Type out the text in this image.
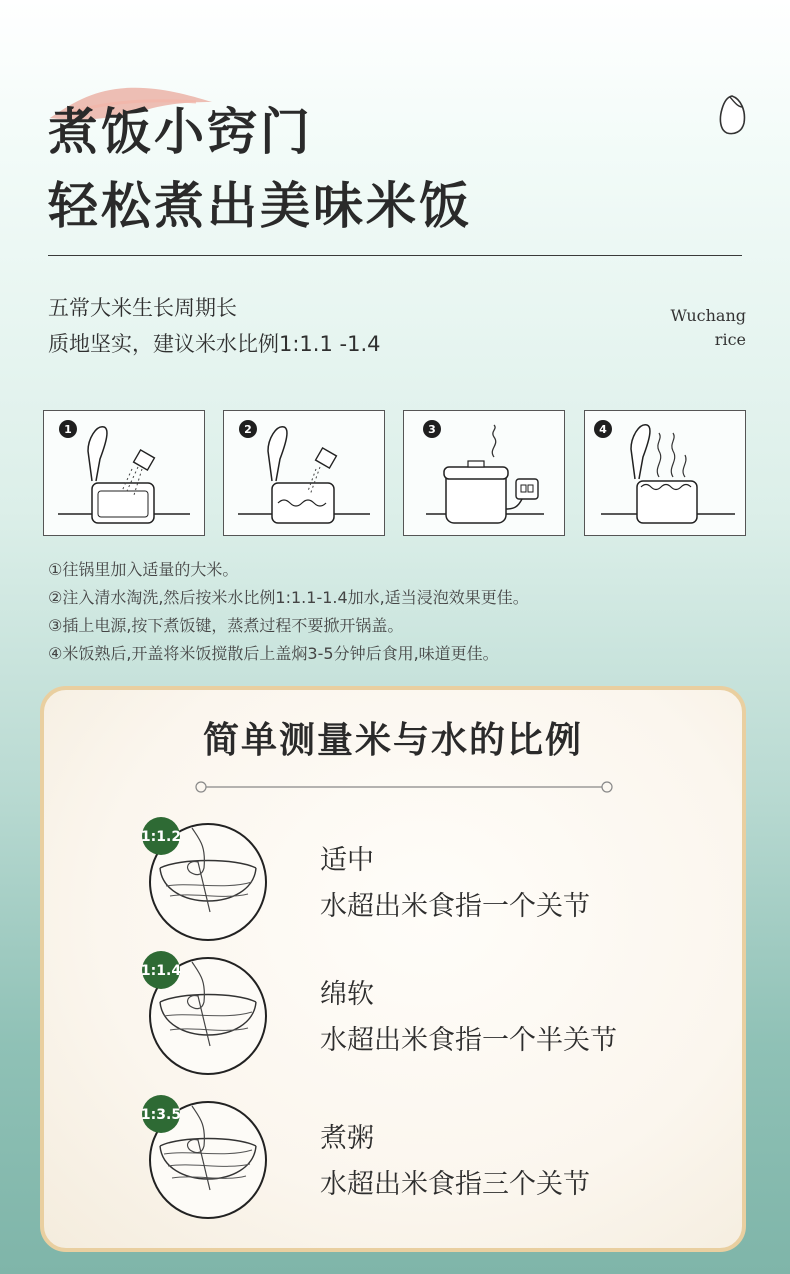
煮饭小窍门
轻松煮出美味米饭
五常大米生长周期长
质地坚实，建议米水比例1:1.1 -1.4
Wuchang
rice
1	2	3	4
①往锅里加入适量的大米。
②注入清水淘洗,然后按米水比例1:1.1-1.4加水,适当浸泡效果更佳。
③插上电源,按下煮饭键，蒸煮过程不要掀开锅盖。
④米饭熟后,开盖将米饭搅散后上盖焖3-5分钟后食用,味道更佳。
简单测量米与水的比例
1:1.2
适中
水超出米食指一个关节
1:1.4
绵软
水超出米食指一个半关节
1:3.5
煮粥
水超出米食指三个关节
